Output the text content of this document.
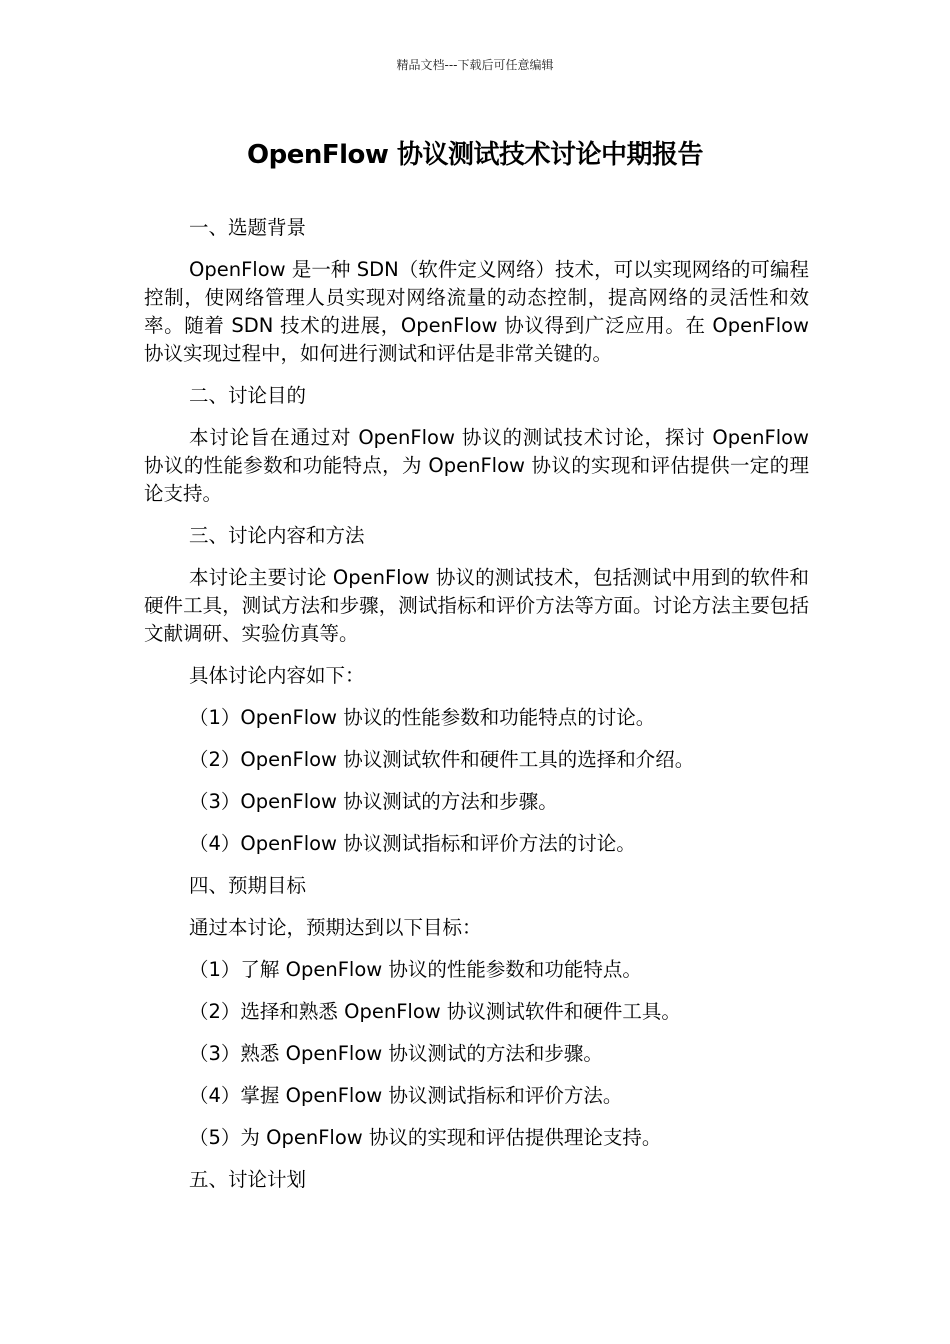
精品文档---下载后可任意编辑
OpenFlow 协议测试技术讨论中期报告
一、选题背景
OpenFlow 是一种 SDN（软件定义网络）技术，可以实现网络的可编程控制，使网络管理人员实现对网络流量的动态控制，提高网络的灵活性和效率。随着 SDN 技术的进展，OpenFlow 协议得到广泛应用。在 OpenFlow 协议实现过程中，如何进行测试和评估是非常关键的。
二、讨论目的
本讨论旨在通过对 OpenFlow 协议的测试技术讨论，探讨 OpenFlow 协议的性能参数和功能特点，为 OpenFlow 协议的实现和评估提供一定的理论支持。
三、讨论内容和方法
本讨论主要讨论 OpenFlow 协议的测试技术，包括测试中用到的软件和硬件工具，测试方法和步骤，测试指标和评价方法等方面。讨论方法主要包括文献调研、实验仿真等。
具体讨论内容如下：
（1）OpenFlow 协议的性能参数和功能特点的讨论。
（2）OpenFlow 协议测试软件和硬件工具的选择和介绍。
（3）OpenFlow 协议测试的方法和步骤。
（4）OpenFlow 协议测试指标和评价方法的讨论。
四、预期目标
通过本讨论，预期达到以下目标：
（1）了解 OpenFlow 协议的性能参数和功能特点。
（2）选择和熟悉 OpenFlow 协议测试软件和硬件工具。
（3）熟悉 OpenFlow 协议测试的方法和步骤。
（4）掌握 OpenFlow 协议测试指标和评价方法。
（5）为 OpenFlow 协议的实现和评估提供理论支持。
五、讨论计划
